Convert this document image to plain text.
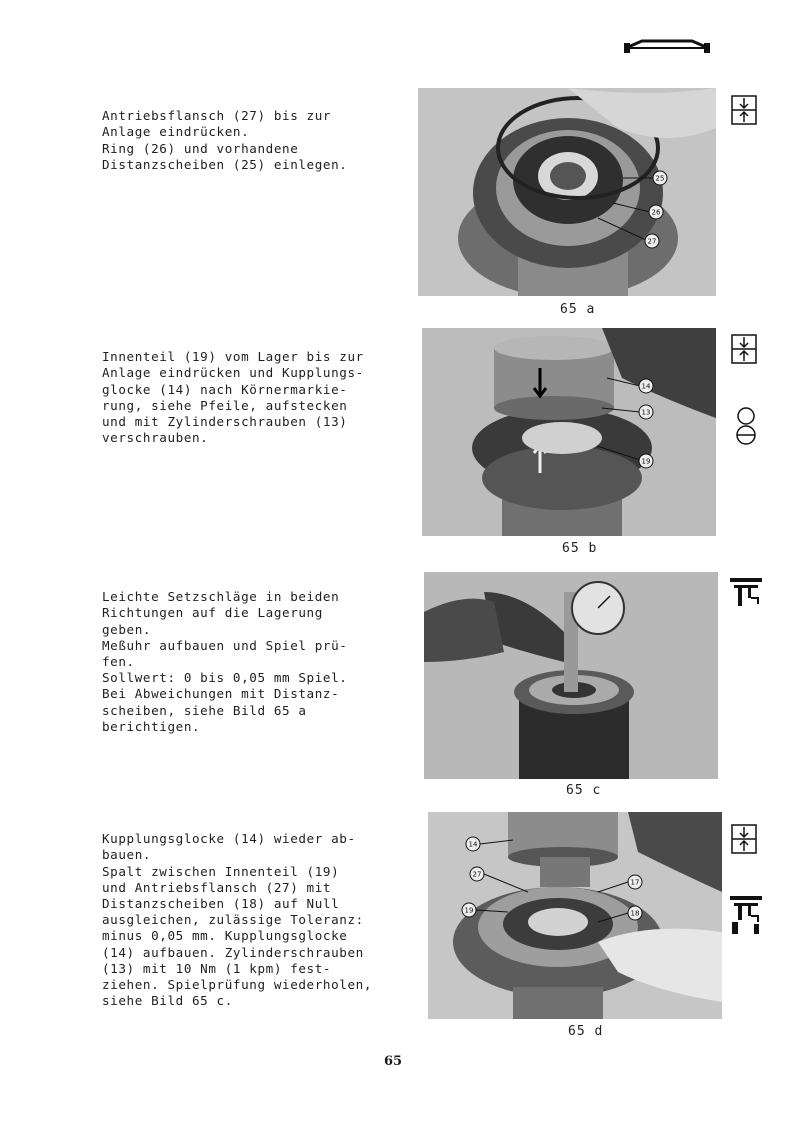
Antriebsflansch (27) bis zur
Anlage eindrücken.
Ring (26) und vorhandene
Distanzscheiben (25) einlegen.

25
26
27
65 a

Innenteil (19) vom Lager bis zur
Anlage eindrücken und Kupplungs-
glocke (14) nach Körnermarkie-
rung, siehe Pfeile, aufstecken
und mit Zylinderschrauben (13)
verschrauben.

14
13
19
65 b

Leichte Setzschläge in beiden
Richtungen auf die Lagerung
geben.
Meßuhr aufbauen und Spiel prü-
fen.
Sollwert: 0 bis 0,05 mm Spiel.
Bei Abweichungen mit Distanz-
scheiben, siehe Bild 65 a
berichtigen.

65 c

Kupplungsglocke (14) wieder ab-
bauen.
Spalt zwischen Innenteil (19)
und Antriebsflansch (27) mit
Distanzscheiben (18) auf Null
ausgleichen, zulässige Toleranz:
minus 0,05 mm. Kupplungsglocke
(14) aufbauen. Zylinderschrauben
(13) mit 10 Nm (1 kpm) fest-
ziehen. Spielprüfung wiederholen,
siehe Bild 65 c.

14
27
19
17
18
65 d
65
